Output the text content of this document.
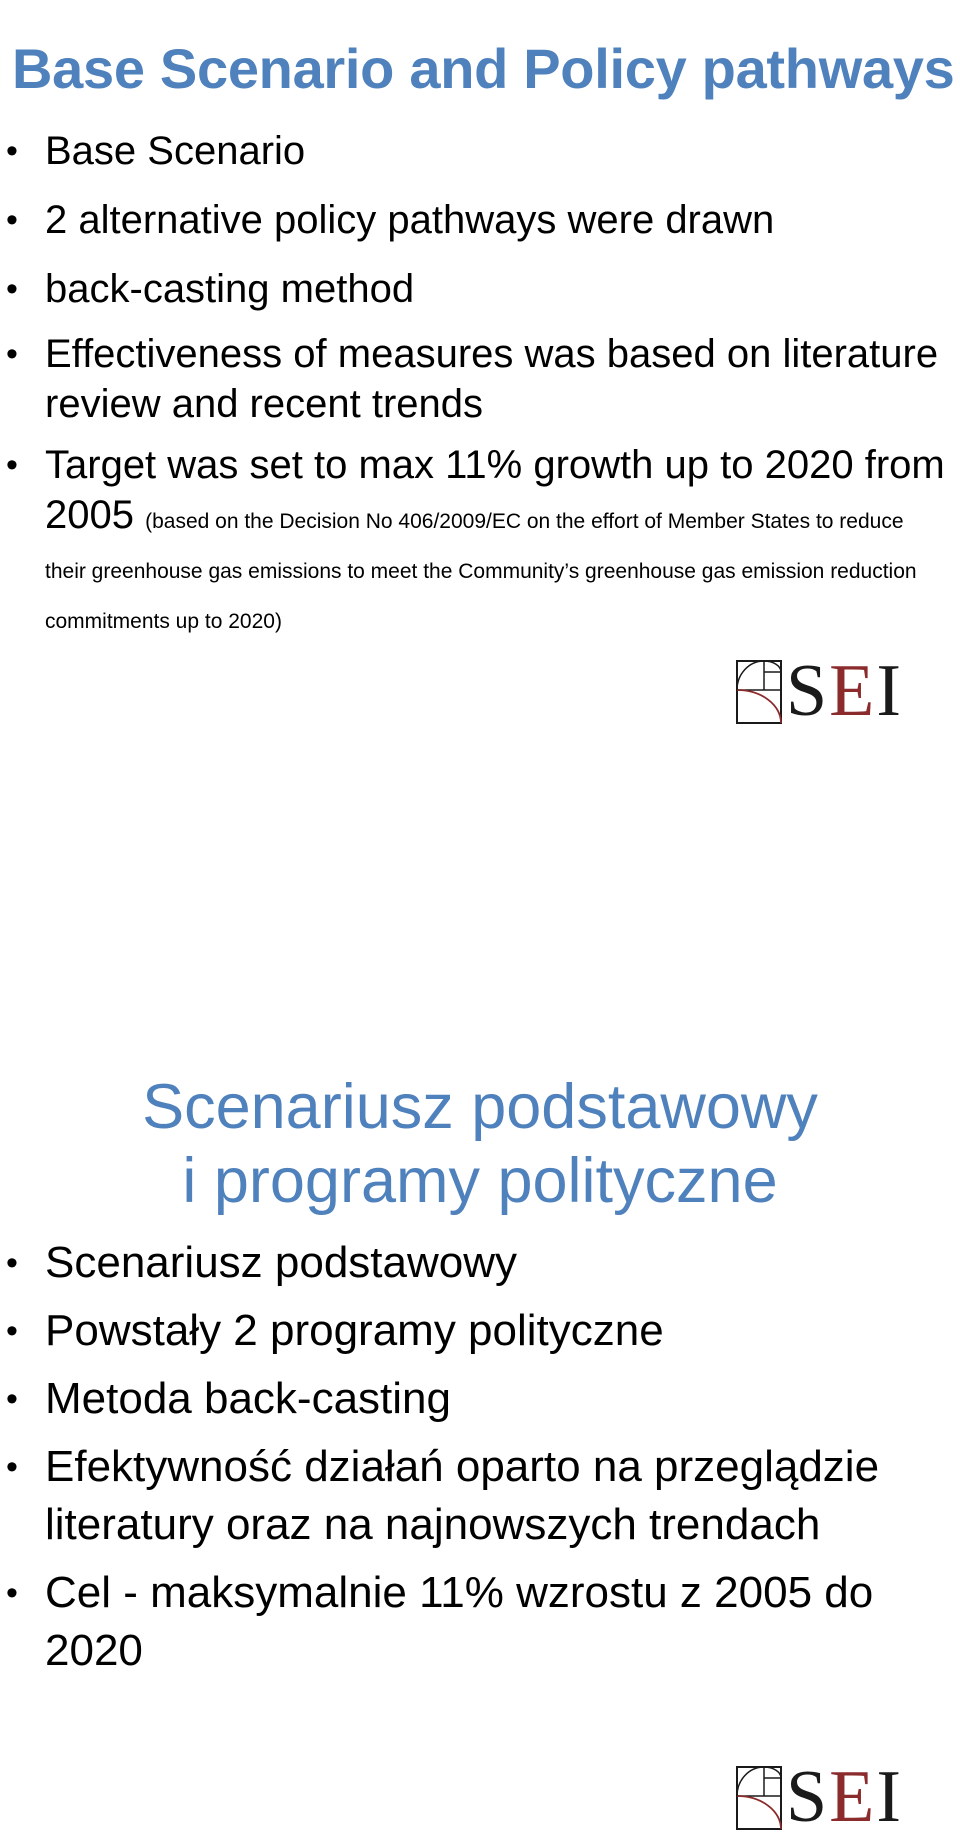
Base Scenario and Policy pathways
• Base Scenario
• 2 alternative policy pathways were drawn
• back-casting method
• Effectiveness of measures was based on literature review and recent trends
• Target was set to max 11% growth up to 2020 from 2005 (based on the Decision No 406/2009/EC on the effort of Member States to reduce their greenhouse gas emissions to meet the Community’s greenhouse gas emission reduction commitments up to 2020)
SEI
Scenariusz podstawowy
i programy polityczne
• Scenariusz podstawowy
• Powstały 2 programy polityczne
• Metoda back-casting
• Efektywność działań oparto na przeglądzie literatury oraz na najnowszych trendach
• Cel - maksymalnie 11% wzrostu z 2005 do 2020
SEI
